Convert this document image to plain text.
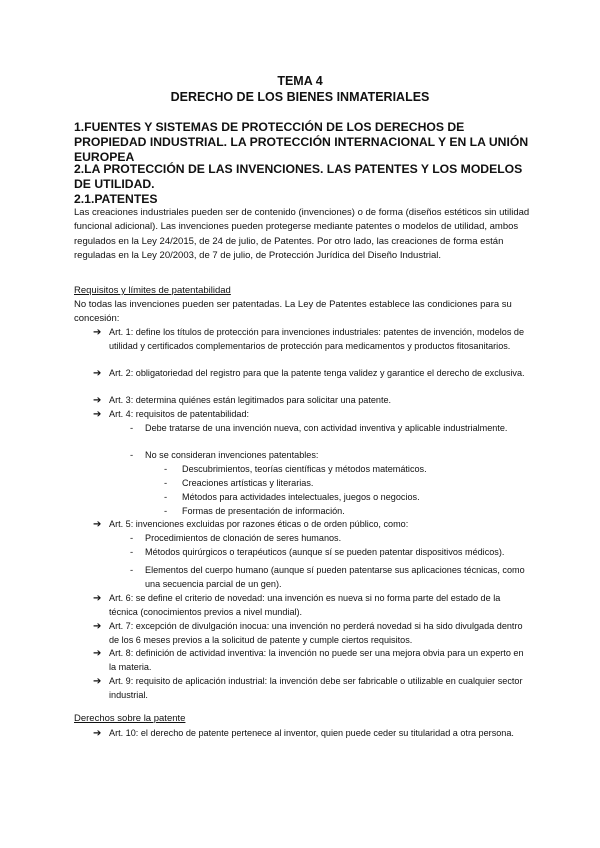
TEMA 4
DERECHO DE LOS BIENES INMATERIALES
1.FUENTES Y SISTEMAS DE PROTECCIÓN DE LOS DERECHOS DE PROPIEDAD INDUSTRIAL. LA PROTECCIÓN INTERNACIONAL Y EN LA UNIÓN EUROPEA
2.LA PROTECCIÓN DE LAS INVENCIONES. LAS PATENTES Y LOS MODELOS DE UTILIDAD.
2.1.PATENTES
Las creaciones industriales pueden ser de contenido (invenciones) o de forma (diseños estéticos sin utilidad funcional adicional). Las invenciones pueden protegerse mediante patentes o modelos de utilidad, ambos regulados en la Ley 24/2015, de 24 de julio, de Patentes. Por otro lado, las creaciones de forma están reguladas en la Ley 20/2003, de 7 de julio, de Protección Jurídica del Diseño Industrial.
Requisitos y límites de patentabilidad
No todas las invenciones pueden ser patentadas. La Ley de Patentes establece las condiciones para su concesión:
➔ Art. 1: define los títulos de protección para invenciones industriales: patentes de invención, modelos de utilidad y certificados complementarios de protección para medicamentos y productos fitosanitarios.
➔ Art. 2: obligatoriedad del registro para que la patente tenga validez y garantice el derecho de exclusiva.
➔ Art. 3: determina quiénes están legitimados para solicitar una patente.
➔ Art. 4: requisitos de patentabilidad:
- Debe tratarse de una invención nueva, con actividad inventiva y aplicable industrialmente.
- No se consideran invenciones patentables:
- Descubrimientos, teorías científicas y métodos matemáticos.
- Creaciones artísticas y literarias.
- Métodos para actividades intelectuales, juegos o negocios.
- Formas de presentación de información.
➔ Art. 5: invenciones excluidas por razones éticas o de orden público, como:
- Procedimientos de clonación de seres humanos.
- Métodos quirúrgicos o terapéuticos (aunque sí se pueden patentar dispositivos médicos).
- Elementos del cuerpo humano (aunque sí pueden patentarse sus aplicaciones técnicas, como una secuencia parcial de un gen).
➔ Art. 6: se define el criterio de novedad: una invención es nueva si no forma parte del estado de la técnica (conocimientos previos a nivel mundial).
➔ Art. 7: excepción de divulgación inocua: una invención no perderá novedad si ha sido divulgada dentro de los 6 meses previos a la solicitud de patente y cumple ciertos requisitos.
➔ Art. 8: definición de actividad inventiva: la invención no puede ser una mejora obvia para un experto en la materia.
➔ Art. 9: requisito de aplicación industrial: la invención debe ser fabricable o utilizable en cualquier sector industrial.
Derechos sobre la patente
➔ Art. 10: el derecho de patente pertenece al inventor, quien puede ceder su titularidad a otra persona.
